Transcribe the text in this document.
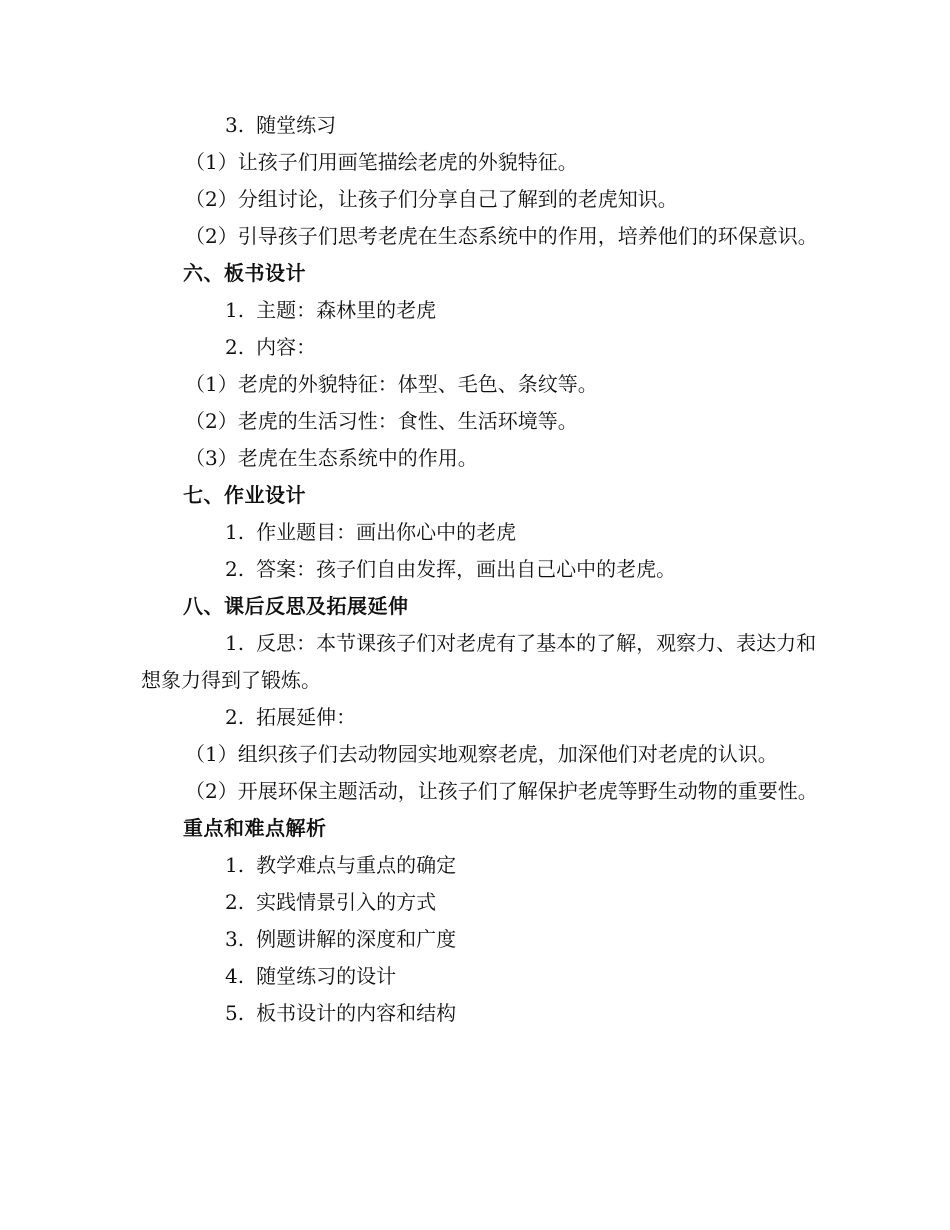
3. 随堂练习

（1）让孩子们用画笔描绘老虎的外貌特征。

（2）分组讨论，让孩子们分享自己了解到的老虎知识。

（2）引导孩子们思考老虎在生态系统中的作用，培养他们的环保意识。

六、板书设计

1. 主题：森林里的老虎

2. 内容：

（1）老虎的外貌特征：体型、毛色、条纹等。

（2）老虎的生活习性：食性、生活环境等。

（3）老虎在生态系统中的作用。

七、作业设计

1. 作业题目：画出你心中的老虎

2. 答案：孩子们自由发挥，画出自己心中的老虎。

八、课后反思及拓展延伸

1. 反思：本节课孩子们对老虎有了基本的了解，观察力、表达力和想象力得到了锻炼。

2. 拓展延伸：

（1）组织孩子们去动物园实地观察老虎，加深他们对老虎的认识。

（2）开展环保主题活动，让孩子们了解保护老虎等野生动物的重要性。

重点和难点解析

1. 教学难点与重点的确定

2. 实践情景引入的方式

3. 例题讲解的深度和广度

4. 随堂练习的设计

5. 板书设计的内容和结构
